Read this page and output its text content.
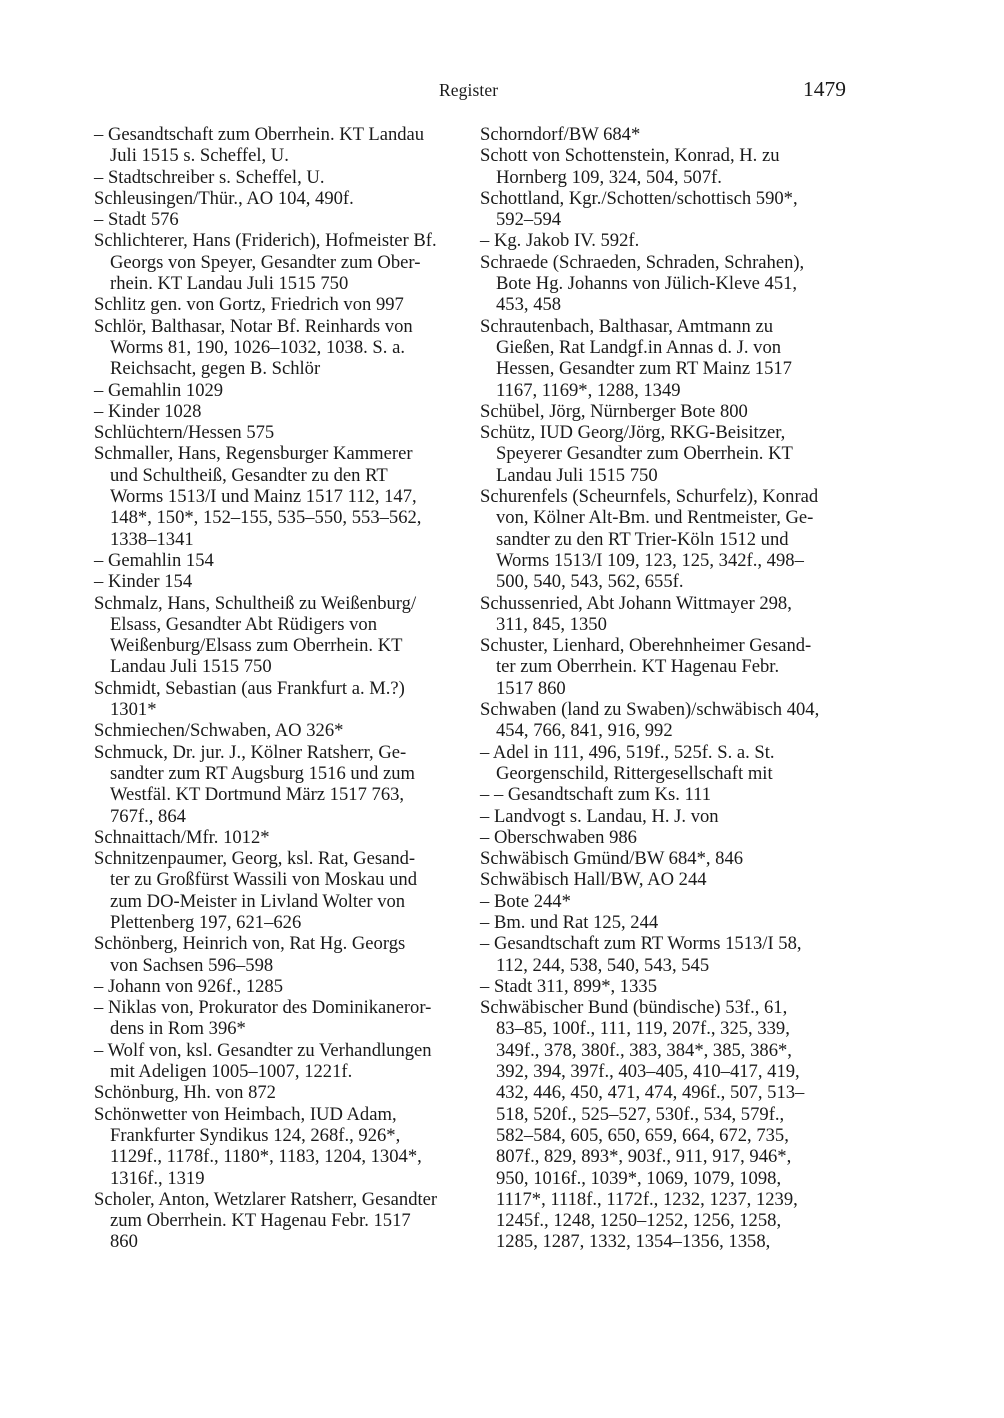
Register	1479
– Gesandtschaft zum Oberrhein. KT Landau
Juli 1515 s. Scheffel, U.
– Stadtschreiber s. Scheffel, U.
Schleusingen/Thür., AO 104, 490f.
– Stadt 576
Schlichterer, Hans (Friderich), Hofmeister Bf.
Georgs von Speyer, Gesandter zum Ober-
rhein. KT Landau Juli 1515 750
Schlitz gen. von Gortz, Friedrich von 997
Schlör, Balthasar, Notar Bf. Reinhards von
Worms 81, 190, 1026–1032, 1038. S. a.
Reichsacht, gegen B. Schlör
– Gemahlin 1029
– Kinder 1028
Schlüchtern/Hessen 575
Schmaller, Hans, Regensburger Kammerer
und Schultheiß, Gesandter zu den RT
Worms 1513/I und Mainz 1517 112, 147,
148*, 150*, 152–155, 535–550, 553–562,
1338–1341
– Gemahlin 154
– Kinder 154
Schmalz, Hans, Schultheiß zu Weißenburg/
Elsass, Gesandter Abt Rüdigers von
Weißenburg/Elsass zum Oberrhein. KT
Landau Juli 1515 750
Schmidt, Sebastian (aus Frankfurt a. M.?)
1301*
Schmiechen/Schwaben, AO 326*
Schmuck, Dr. jur. J., Kölner Ratsherr, Ge-
sandter zum RT Augsburg 1516 und zum
Westfäl. KT Dortmund März 1517 763,
767f., 864
Schnaittach/Mfr. 1012*
Schnitzenpaumer, Georg, ksl. Rat, Gesand-
ter zu Großfürst Wassili von Moskau und
zum DO-Meister in Livland Wolter von
Plettenberg 197, 621–626
Schönberg, Heinrich von, Rat Hg. Georgs
von Sachsen 596–598
– Johann von 926f., 1285
– Niklas von, Prokurator des Dominikaneror-
dens in Rom 396*
– Wolf von, ksl. Gesandter zu Verhandlungen
mit Adeligen 1005–1007, 1221f.
Schönburg, Hh. von 872
Schönwetter von Heimbach, IUD Adam,
Frankfurter Syndikus 124, 268f., 926*,
1129f., 1178f., 1180*, 1183, 1204, 1304*,
1316f., 1319
Scholer, Anton, Wetzlarer Ratsherr, Gesandter
zum Oberrhein. KT Hagenau Febr. 1517
860
Schorndorf/BW 684*
Schott von Schottenstein, Konrad, H. zu
Hornberg 109, 324, 504, 507f.
Schottland, Kgr./Schotten/schottisch 590*,
592–594
– Kg. Jakob IV. 592f.
Schraede (Schraeden, Schraden, Schrahen),
Bote Hg. Johanns von Jülich-Kleve 451,
453, 458
Schrautenbach, Balthasar, Amtmann zu
Gießen, Rat Landgf.in Annas d. J. von
Hessen, Gesandter zum RT Mainz 1517
1167, 1169*, 1288, 1349
Schübel, Jörg, Nürnberger Bote 800
Schütz, IUD Georg/Jörg, RKG-Beisitzer,
Speyerer Gesandter zum Oberrhein. KT
Landau Juli 1515 750
Schurenfels (Scheurnfels, Schurfelz), Konrad
von, Kölner Alt-Bm. und Rentmeister, Ge-
sandter zu den RT Trier-Köln 1512 und
Worms 1513/I 109, 123, 125, 342f., 498–
500, 540, 543, 562, 655f.
Schussenried, Abt Johann Wittmayer 298,
311, 845, 1350
Schuster, Lienhard, Oberehnheimer Gesand-
ter zum Oberrhein. KT Hagenau Febr.
1517 860
Schwaben (land zu Swaben)/schwäbisch 404,
454, 766, 841, 916, 992
– Adel in 111, 496, 519f., 525f. S. a. St.
Georgenschild, Rittergesellschaft mit
– – Gesandtschaft zum Ks. 111
– Landvogt s. Landau, H. J. von
– Oberschwaben 986
Schwäbisch Gmünd/BW 684*, 846
Schwäbisch Hall/BW, AO 244
– Bote 244*
– Bm. und Rat 125, 244
– Gesandtschaft zum RT Worms 1513/I 58,
112, 244, 538, 540, 543, 545
– Stadt 311, 899*, 1335
Schwäbischer Bund (bündische) 53f., 61,
83–85, 100f., 111, 119, 207f., 325, 339,
349f., 378, 380f., 383, 384*, 385, 386*,
392, 394, 397f., 403–405, 410–417, 419,
432, 446, 450, 471, 474, 496f., 507, 513–
518, 520f., 525–527, 530f., 534, 579f.,
582–584, 605, 650, 659, 664, 672, 735,
807f., 829, 893*, 903f., 911, 917, 946*,
950, 1016f., 1039*, 1069, 1079, 1098,
1117*, 1118f., 1172f., 1232, 1237, 1239,
1245f., 1248, 1250–1252, 1256, 1258,
1285, 1287, 1332, 1354–1356, 1358,
